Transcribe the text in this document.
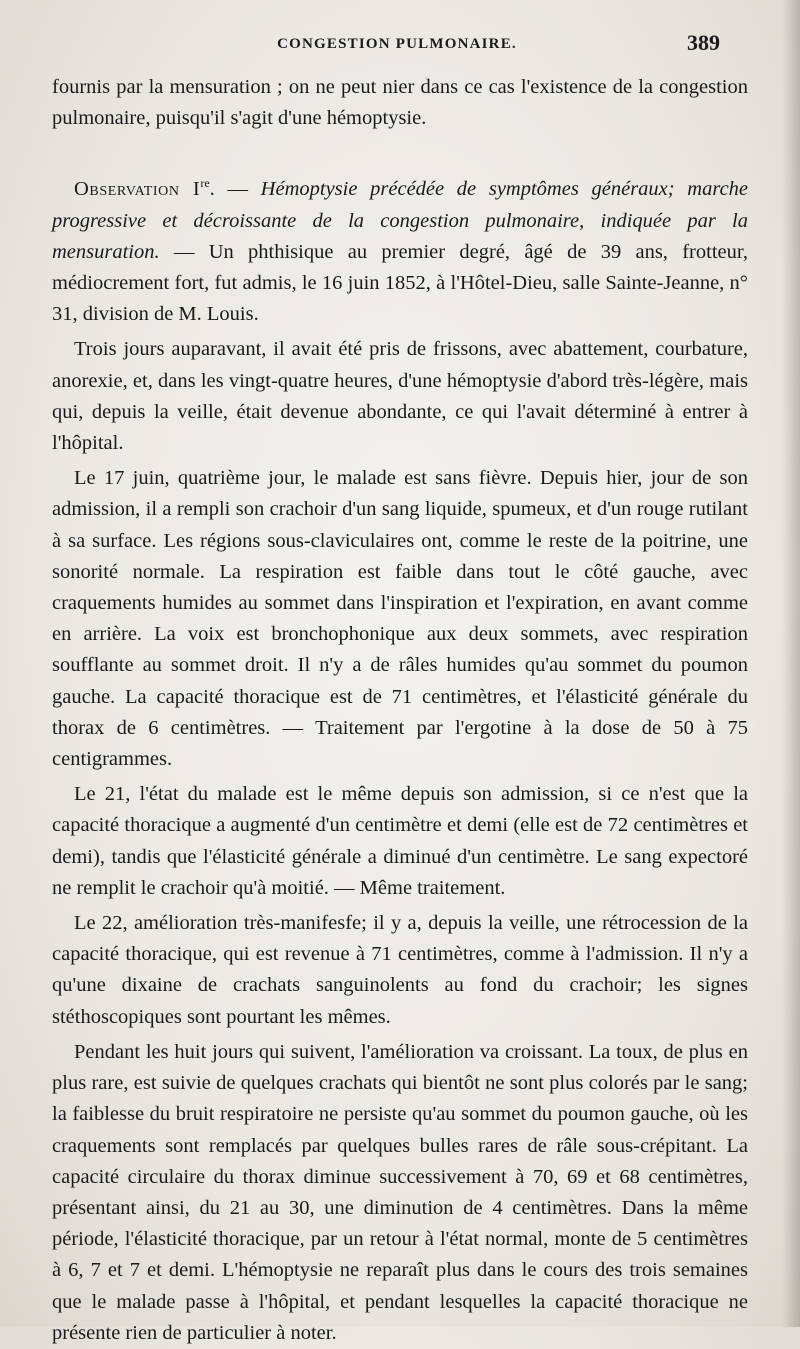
CONGESTION PULMONAIRE.	389

fournis par la mensuration ; on ne peut nier dans ce cas l'existence de la congestion pulmonaire, puisqu'il s'agit d'une hémoptysie.

Observation Ire. — Hémoptysie précédée de symptômes généraux; marche progressive et décroissante de la congestion pulmonaire, indiquée par la mensuration. — Un phthisique au premier degré, âgé de 39 ans, frotteur, médiocrement fort, fut admis, le 16 juin 1852, à l'Hôtel-Dieu, salle Sainte-Jeanne, n° 31, division de M. Louis.

Trois jours auparavant, il avait été pris de frissons, avec abattement, courbature, anorexie, et, dans les vingt-quatre heures, d'une hémoptysie d'abord très-légère, mais qui, depuis la veille, était devenue abondante, ce qui l'avait déterminé à entrer à l'hôpital.

Le 17 juin, quatrième jour, le malade est sans fièvre. Depuis hier, jour de son admission, il a rempli son crachoir d'un sang liquide, spumeux, et d'un rouge rutilant à sa surface. Les régions sous-claviculaires ont, comme le reste de la poitrine, une sonorité normale. La respiration est faible dans tout le côté gauche, avec craquements humides au sommet dans l'inspiration et l'expiration, en avant comme en arrière. La voix est bronchophonique aux deux sommets, avec respiration soufflante au sommet droit. Il n'y a de râles humides qu'au sommet du poumon gauche. La capacité thoracique est de 71 centimètres, et l'élasticité générale du thorax de 6 centimètres. — Traitement par l'ergotine à la dose de 50 à 75 centigrammes.

Le 21, l'état du malade est le même depuis son admission, si ce n'est que la capacité thoracique a augmenté d'un centimètre et demi (elle est de 72 centimètres et demi), tandis que l'élasticité générale a diminué d'un centimètre. Le sang expectoré ne remplit le crachoir qu'à moitié. — Même traitement.

Le 22, amélioration très-manifesfe; il y a, depuis la veille, une rétrocession de la capacité thoracique, qui est revenue à 71 centimètres, comme à l'admission. Il n'y a qu'une dixaine de crachats sanguinolents au fond du crachoir; les signes stéthoscopiques sont pourtant les mêmes.

Pendant les huit jours qui suivent, l'amélioration va croissant. La toux, de plus en plus rare, est suivie de quelques crachats qui bientôt ne sont plus colorés par le sang; la faiblesse du bruit respiratoire ne persiste qu'au sommet du poumon gauche, où les craquements sont remplacés par quelques bulles rares de râle sous-crépitant. La capacité circulaire du thorax diminue successivement à 70, 69 et 68 centimètres, présentant ainsi, du 21 au 30, une diminution de 4 centimètres. Dans la même période, l'élasticité thoracique, par un retour à l'état normal, monte de 5 centimètres à 6, 7 et 7 et demi. L'hémoptysie ne reparaît plus dans le cours des trois semaines que le malade passe à l'hôpital, et pendant lesquelles la capacité thoracique ne présente rien de particulier à noter.
